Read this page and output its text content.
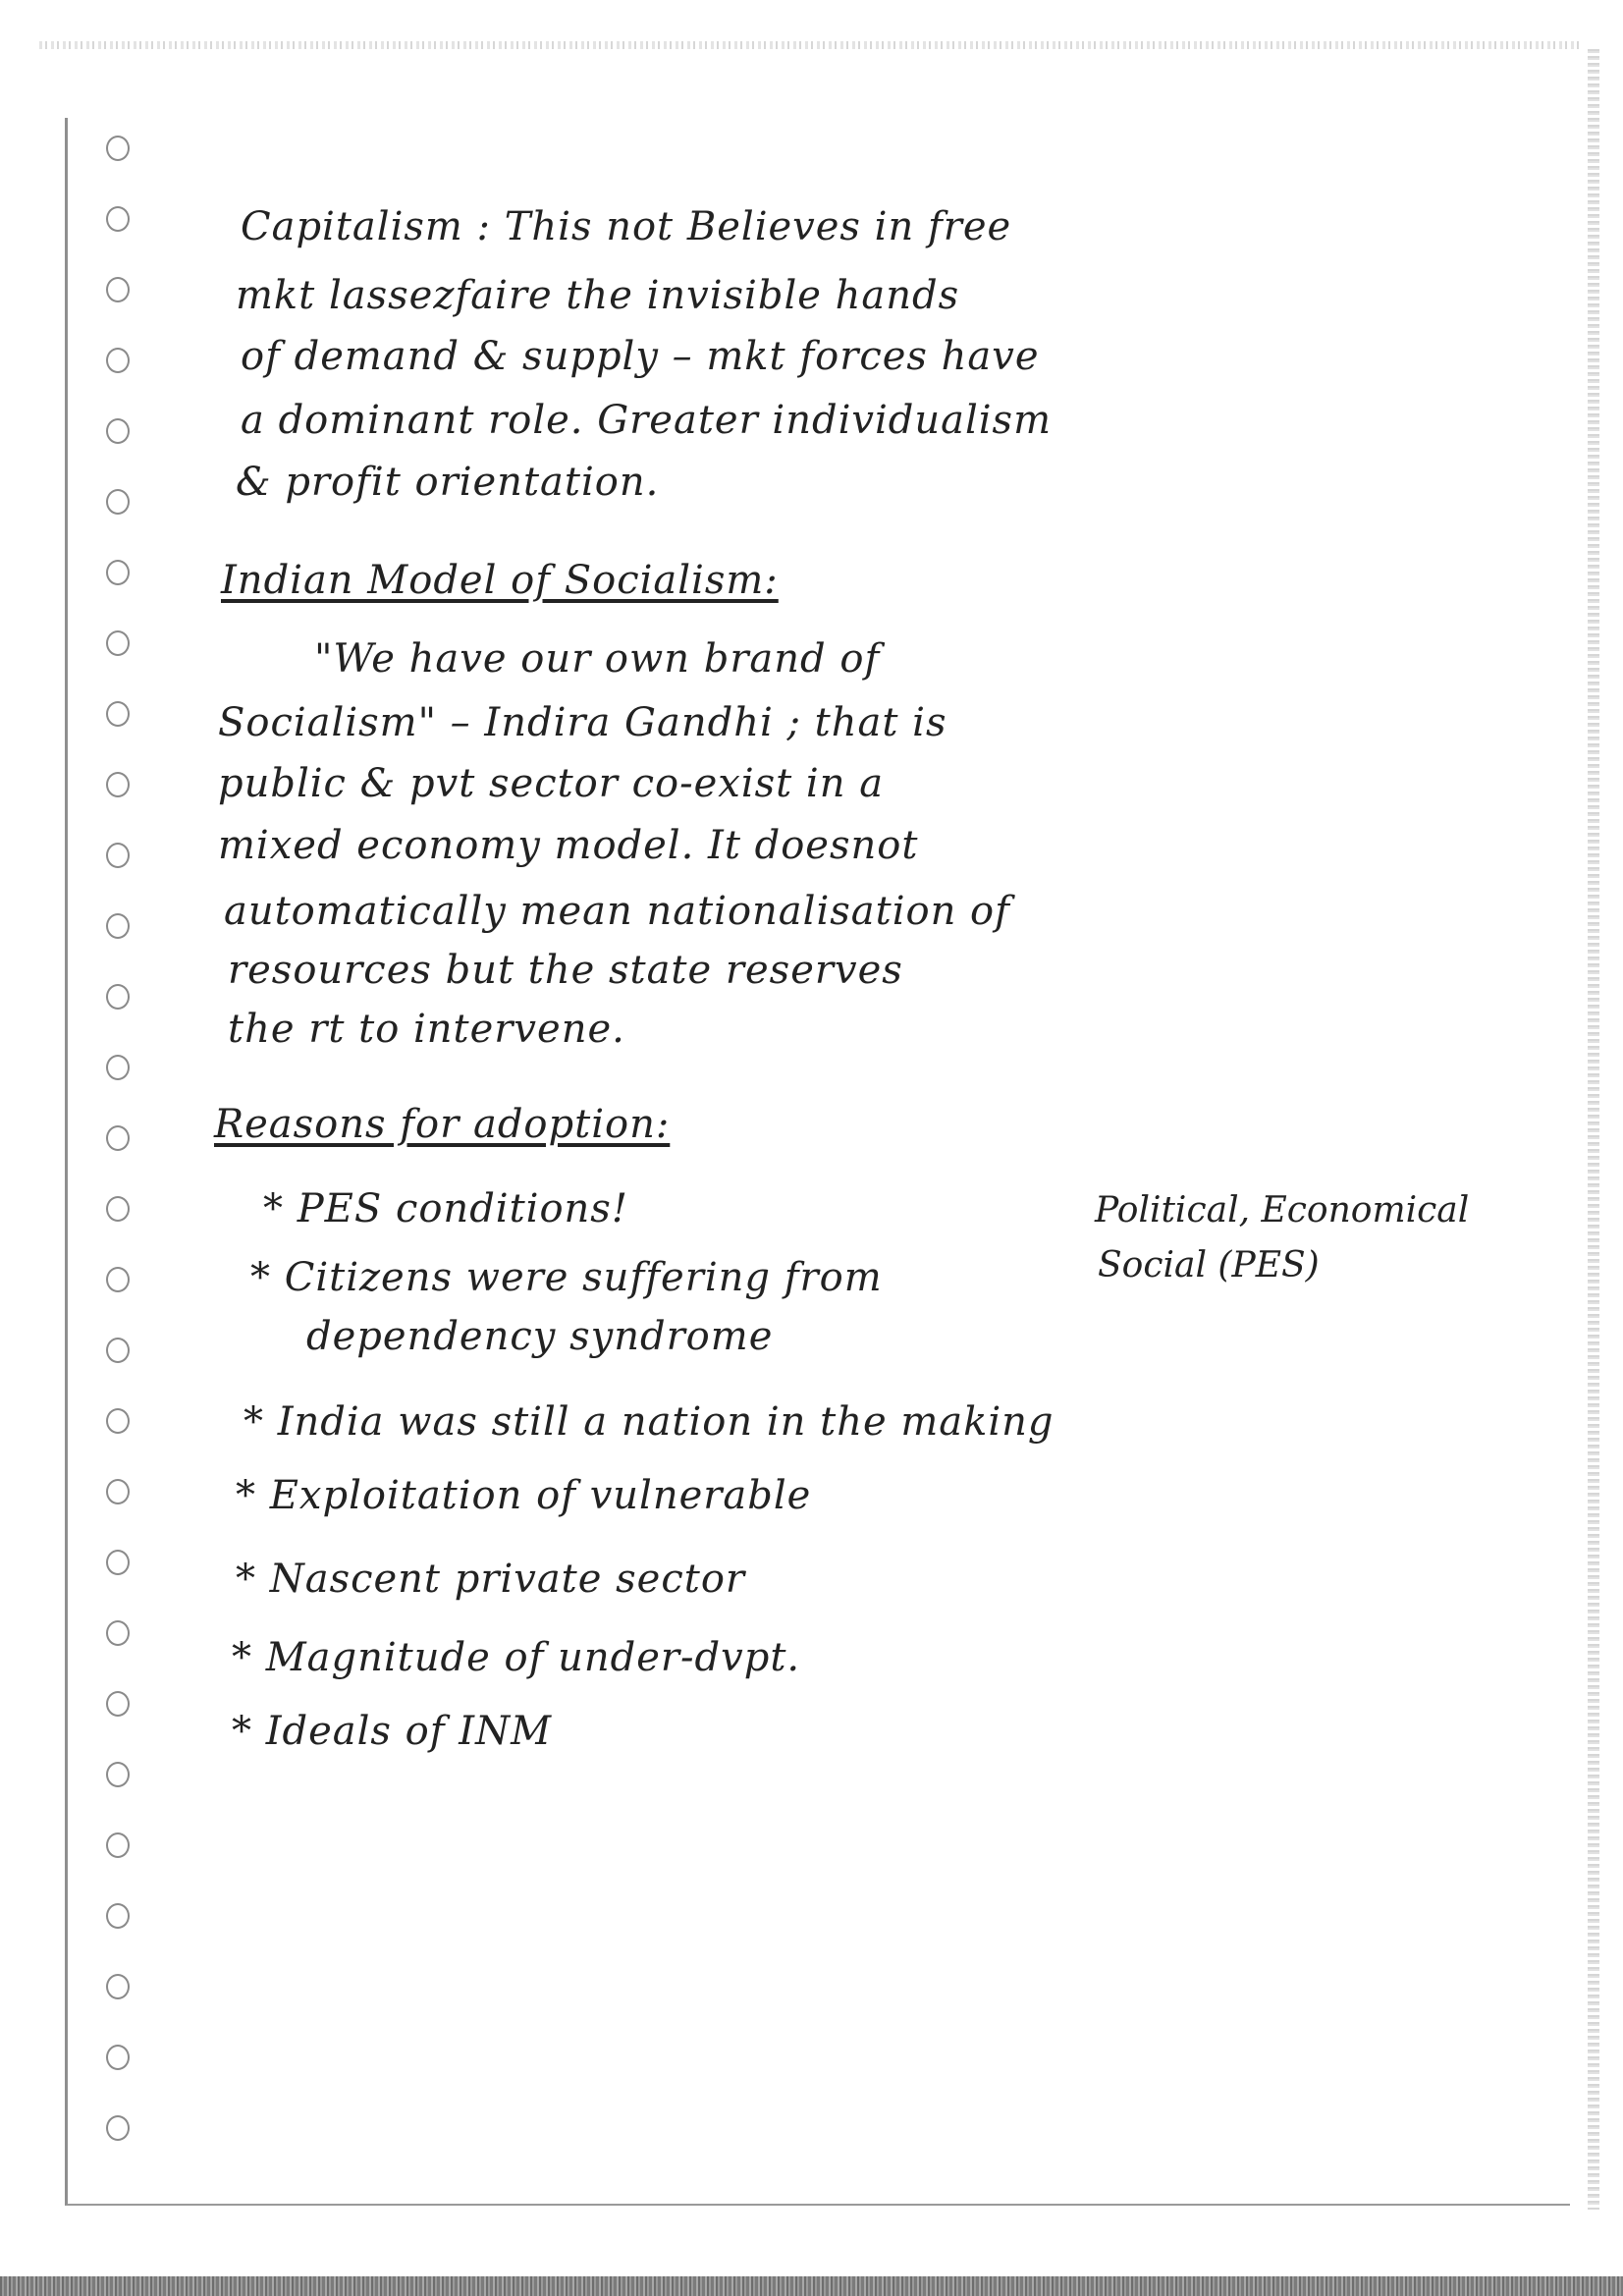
Capitalism : This not Believes in free
mkt lassezfaire the invisible hands
of demand & supply – mkt forces have
a dominant role. Greater individualism
& profit orientation.
Indian Model of Socialism:
"We have our own brand of
Socialism" – Indira Gandhi ; that is
public & pvt sector co-exist in a
mixed economy model. It doesnot
automatically mean nationalisation of
resources but the state reserves
the rt to intervene.
Reasons for adoption:
* PES conditions!
* Citizens were suffering from
dependency syndrome
* India was still a nation in the making
* Exploitation of vulnerable
* Nascent private sector
* Magnitude of under-dvpt.
* Ideals of INM
Political, Economical
Social (PES)
